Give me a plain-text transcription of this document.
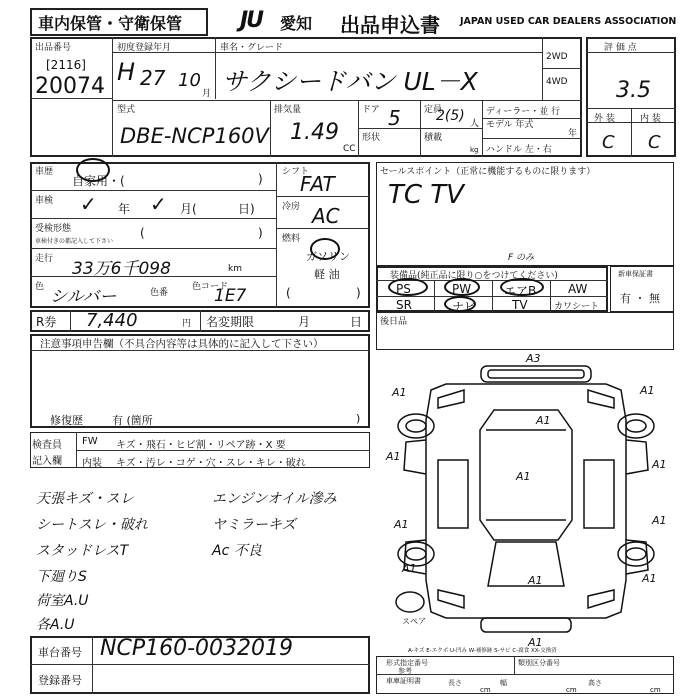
車内保管・守衛保管	JU 愛知 出品申込書 JAPAN USED CAR DEALERS ASSOCIATION
出品番号
[2116]
20074
初度登録年月
H 27 10
月
車名・グレード
サクシードバン UL－X
2WD
4WD
評 価 点
3.5
外 装	内 装
C C
型式
DBE-NCP160V
排気量
1.49
CC
ドア 5	定員
2(5) 人
形状	積載
kg
ディーラー・並 行
モデル 年式
年
ハンドル 左・右
車歴
自家用・(	)
車検 ✓ 年 ✓ 月(	日)
受検形態
車検付きの都記入して下さい
(	)
走行 33万6千098	km
色 シルバー	色番
色コード
1E7
シフト
FAT
冷房 AC
燃料
ガソリン
軽 油
(	)
セールスポイント（正常に機能するものに限ります）
TC TV
装備品(純正品に限り○をつけてください)
F のみ
PS	PW	エアB	AW
SR	ナビ	TV	カワシート
新車保証書
有 ・ 無
R券 7,440	円 名変期限	月	日 後日品
注意事項申告欄（不具合内容等は具体的に記入して下さい）
修復歴	有 (箇所	)
検査員
記入欄
FW キズ・飛石・ヒビ割・リペア跡・X 要
内装 キズ・汚レ・コゲ・穴・スレ・キレ・破れ
天張キズ・スレ
シートスレ・破れ
スタッドレスT
下廻りS
荷室A.U
各A.U
エンジンオイル滲み
ヤミラーキズ
Ac 不良
車台番号 NCP160-0032019
登録番号
A3
A1	A1
A1
A1
A1
A1
A1	A1
A1
A1
A1
A1
スペア
A-キズ E-エクボ U-凹み W-補修跡 S-サビ C-腐食 XX-交換済
形式指定番号
参考
類別区分番号
車庫証明書	長さ
cm
幅
cm
高さ
cm
